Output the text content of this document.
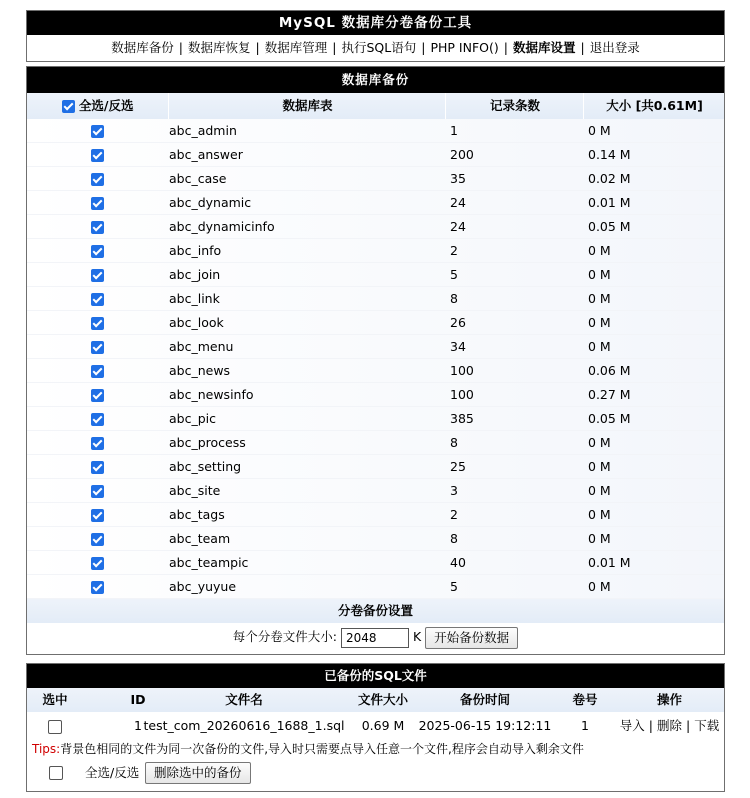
MySQL 数据库分卷备份工具
数据库备份 | 数据库恢复 | 数据库管理 | 执行SQL语句 | PHP INFO() | 数据库设置 | 退出登录
数据库备份
全选/反选	数据库表	记录条数	大小 [共0.61M]
abc_admin	1	0 M
abc_answer	200	0.14 M
abc_case	35	0.02 M
abc_dynamic	24	0.01 M
abc_dynamicinfo	24	0.05 M
abc_info	2	0 M
abc_join	5	0 M
abc_link	8	0 M
abc_look	26	0 M
abc_menu	34	0 M
abc_news	100	0.06 M
abc_newsinfo	100	0.27 M
abc_pic	385	0.05 M
abc_process	8	0 M
abc_setting	25	0 M
abc_site	3	0 M
abc_tags	2	0 M
abc_team	8	0 M
abc_teampic	40	0.01 M
abc_yuyue	5	0 M
分卷备份设置
每个分卷文件大小: 2048	K 开始备份数据
已备份的SQL文件
选中	ID	文件名	文件大小	备份时间	卷号	操作
1 test_com_20260616_1688_1.sql	0.69 M	2025-06-15 19:12:11	1	导入 | 删除 | 下载
Tips:背景色相同的文件为同一次备份的文件,导入时只需要点导入任意一个文件,程序会自动导入剩余文件
全选/反选	删除选中的备份
